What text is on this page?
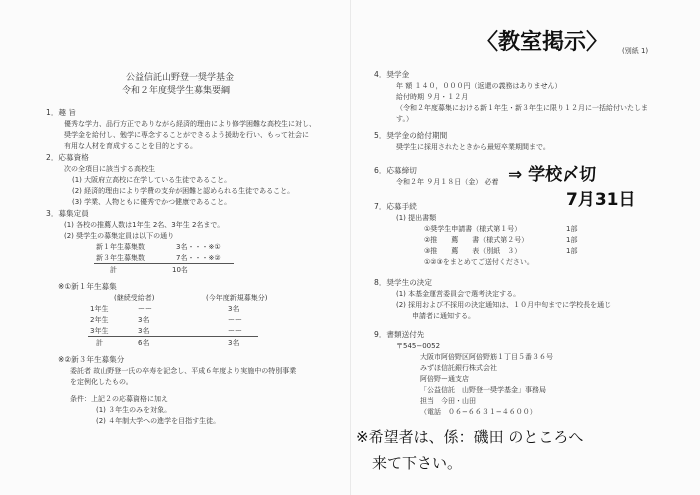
公益信託山野登一奨学基金
令和２年度奨学生募集要綱
1．趣 旨
優秀な学力、品行方正でありながら経済的理由により修学困難な高校生に対し、
奨学金を給付し、勉学に専念することができるよう援助を行い、もって社会に
有用な人材を育成することを目的とする。
2．応募資格
次の全項目に該当する高校生
(1) 大阪府立高校に在学している生徒であること。
(2) 経済的理由により学費の支弁が困難と認められる生徒であること。
(3) 学業、人物ともに優秀でかつ健康であること。
3．募集定員
(1) 各校の推薦人数は1年生 2名、3年生 2名まで。
(2) 奨学生の募集定員は以下の通り
新１年生募集数	3名・・・※①
新３年生募集数	7名・・・※②
計	10名
※①新１年生募集
(継続受給者)	(今年度新規募集分)
1年生	ーー	3名
2年生	3名	ーー
3年生	3名	ーー
計	6名	3名
※②新３年生募集分
委託者 故山野登一氏の卒寿を記念し、平成６年度より実施中の特別事業
を定例化したもの。
条件：上記２の応募資格に加え
(1) ３年生のみを対象。
(2) ４年制大学への進学を目指す生徒。
〈教室掲示〉 (別紙 1)
4．奨学金
年 額 １４０，０００円（返還の義務はありません）
給付時期 ９月・１２月
（令和２年度募集における新１年生・新３年生に限り１２月に一括給付いたしま
す。）
5．奨学金の給付期間
奨学生に採用されたときから最短卒業期間まで。
6．応募締切
令和２年 ９月１８日（金） 必着 ⇒ 学校〆切
7月31日
7．応募手続
(1) 提出書類
①奨学生申請書（様式第１号）	1部
②推　　薦　　書（様式第２号）	1部
③推　　薦　　表（別紙　３）	1部
①②③をまとめてご送付ください。
8．奨学生の決定
(1) 本基金運営委員会で選考決定する。
(2) 採用および不採用の決定通知は、１０月中旬までに学校長を通じ
申請者に通知する。
9．書類送付先
〒545−0052
大阪市阿倍野区阿倍野筋１丁目５番３６号
みずほ信託銀行株式会社
阿倍野ー通支店
「公益信託　山野登一奨学基金」事務局
担当　今田・山田
（電話　０６−６６３１−４６００）
※希望者は、係：磯田 のところへ
来て下さい。
